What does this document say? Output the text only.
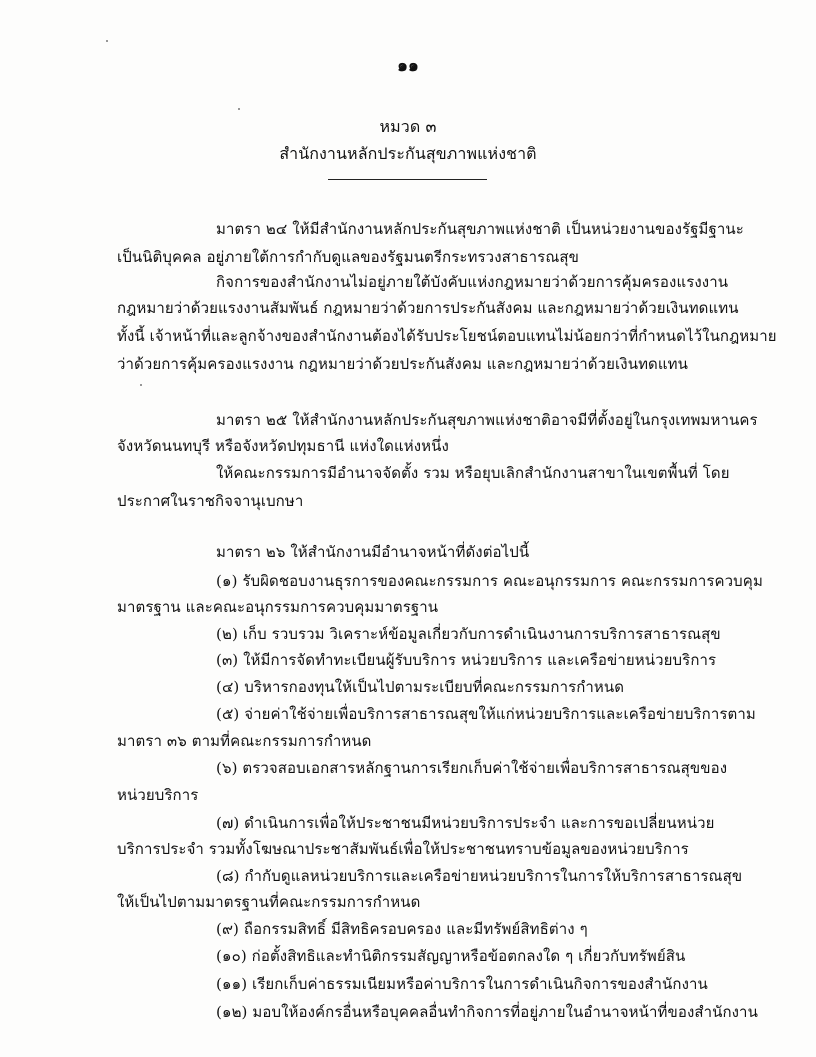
๑๑
หมวด ๓
สำนักงานหลักประกันสุขภาพแห่งชาติ
มาตรา ๒๔ ให้มีสำนักงานหลักประกันสุขภาพแห่งชาติ เป็นหน่วยงานของรัฐมีฐานะ
เป็นนิติบุคคล อยู่ภายใต้การกำกับดูแลของรัฐมนตรีกระทรวงสาธารณสุข
กิจการของสำนักงานไม่อยู่ภายใต้บังคับแห่งกฎหมายว่าด้วยการคุ้มครองแรงงาน
กฎหมายว่าด้วยแรงงานสัมพันธ์ กฎหมายว่าด้วยการประกันสังคม และกฎหมายว่าด้วยเงินทดแทน
ทั้งนี้ เจ้าหน้าที่และลูกจ้างของสำนักงานต้องได้รับประโยชน์ตอบแทนไม่น้อยกว่าที่กำหนดไว้ในกฎหมาย
ว่าด้วยการคุ้มครองแรงงาน กฎหมายว่าด้วยประกันสังคม และกฎหมายว่าด้วยเงินทดแทน
มาตรา ๒๕ ให้สำนักงานหลักประกันสุขภาพแห่งชาติอาจมีที่ตั้งอยู่ในกรุงเทพมหานคร
จังหวัดนนทบุรี หรือจังหวัดปทุมธานี แห่งใดแห่งหนึ่ง
ให้คณะกรรมการมีอำนาจจัดตั้ง รวม หรือยุบเลิกสำนักงานสาขาในเขตพื้นที่ โดย
ประกาศในราชกิจจานุเบกษา
มาตรา ๒๖ ให้สำนักงานมีอำนาจหน้าที่ดังต่อไปนี้
(๑) รับผิดชอบงานธุรการของคณะกรรมการ คณะอนุกรรมการ คณะกรรมการควบคุม
มาตรฐาน และคณะอนุกรรมการควบคุมมาตรฐาน
(๒) เก็บ รวบรวม วิเคราะห์ข้อมูลเกี่ยวกับการดำเนินงานการบริการสาธารณสุข
(๓) ให้มีการจัดทำทะเบียนผู้รับบริการ หน่วยบริการ และเครือข่ายหน่วยบริการ
(๔) บริหารกองทุนให้เป็นไปตามระเบียบที่คณะกรรมการกำหนด
(๕) จ่ายค่าใช้จ่ายเพื่อบริการสาธารณสุขให้แก่หน่วยบริการและเครือข่ายบริการตาม
มาตรา ๓๖ ตามที่คณะกรรมการกำหนด
(๖) ตรวจสอบเอกสารหลักฐานการเรียกเก็บค่าใช้จ่ายเพื่อบริการสาธารณสุขของ
หน่วยบริการ
(๗) ดำเนินการเพื่อให้ประชาชนมีหน่วยบริการประจำ และการขอเปลี่ยนหน่วย
บริการประจำ รวมทั้งโฆษณาประชาสัมพันธ์เพื่อให้ประชาชนทราบข้อมูลของหน่วยบริการ
(๘) กำกับดูแลหน่วยบริการและเครือข่ายหน่วยบริการในการให้บริการสาธารณสุข
ให้เป็นไปตามมาตรฐานที่คณะกรรมการกำหนด
(๙) ถือกรรมสิทธิ์ มีสิทธิครอบครอง และมีทรัพย์สิทธิต่าง ๆ
(๑๐) ก่อตั้งสิทธิและทำนิติกรรมสัญญาหรือข้อตกลงใด ๆ เกี่ยวกับทรัพย์สิน
(๑๑) เรียกเก็บค่าธรรมเนียมหรือค่าบริการในการดำเนินกิจการของสำนักงาน
(๑๒) มอบให้องค์กรอื่นหรือบุคคลอื่นทำกิจการที่อยู่ภายในอำนาจหน้าที่ของสำนักงาน
